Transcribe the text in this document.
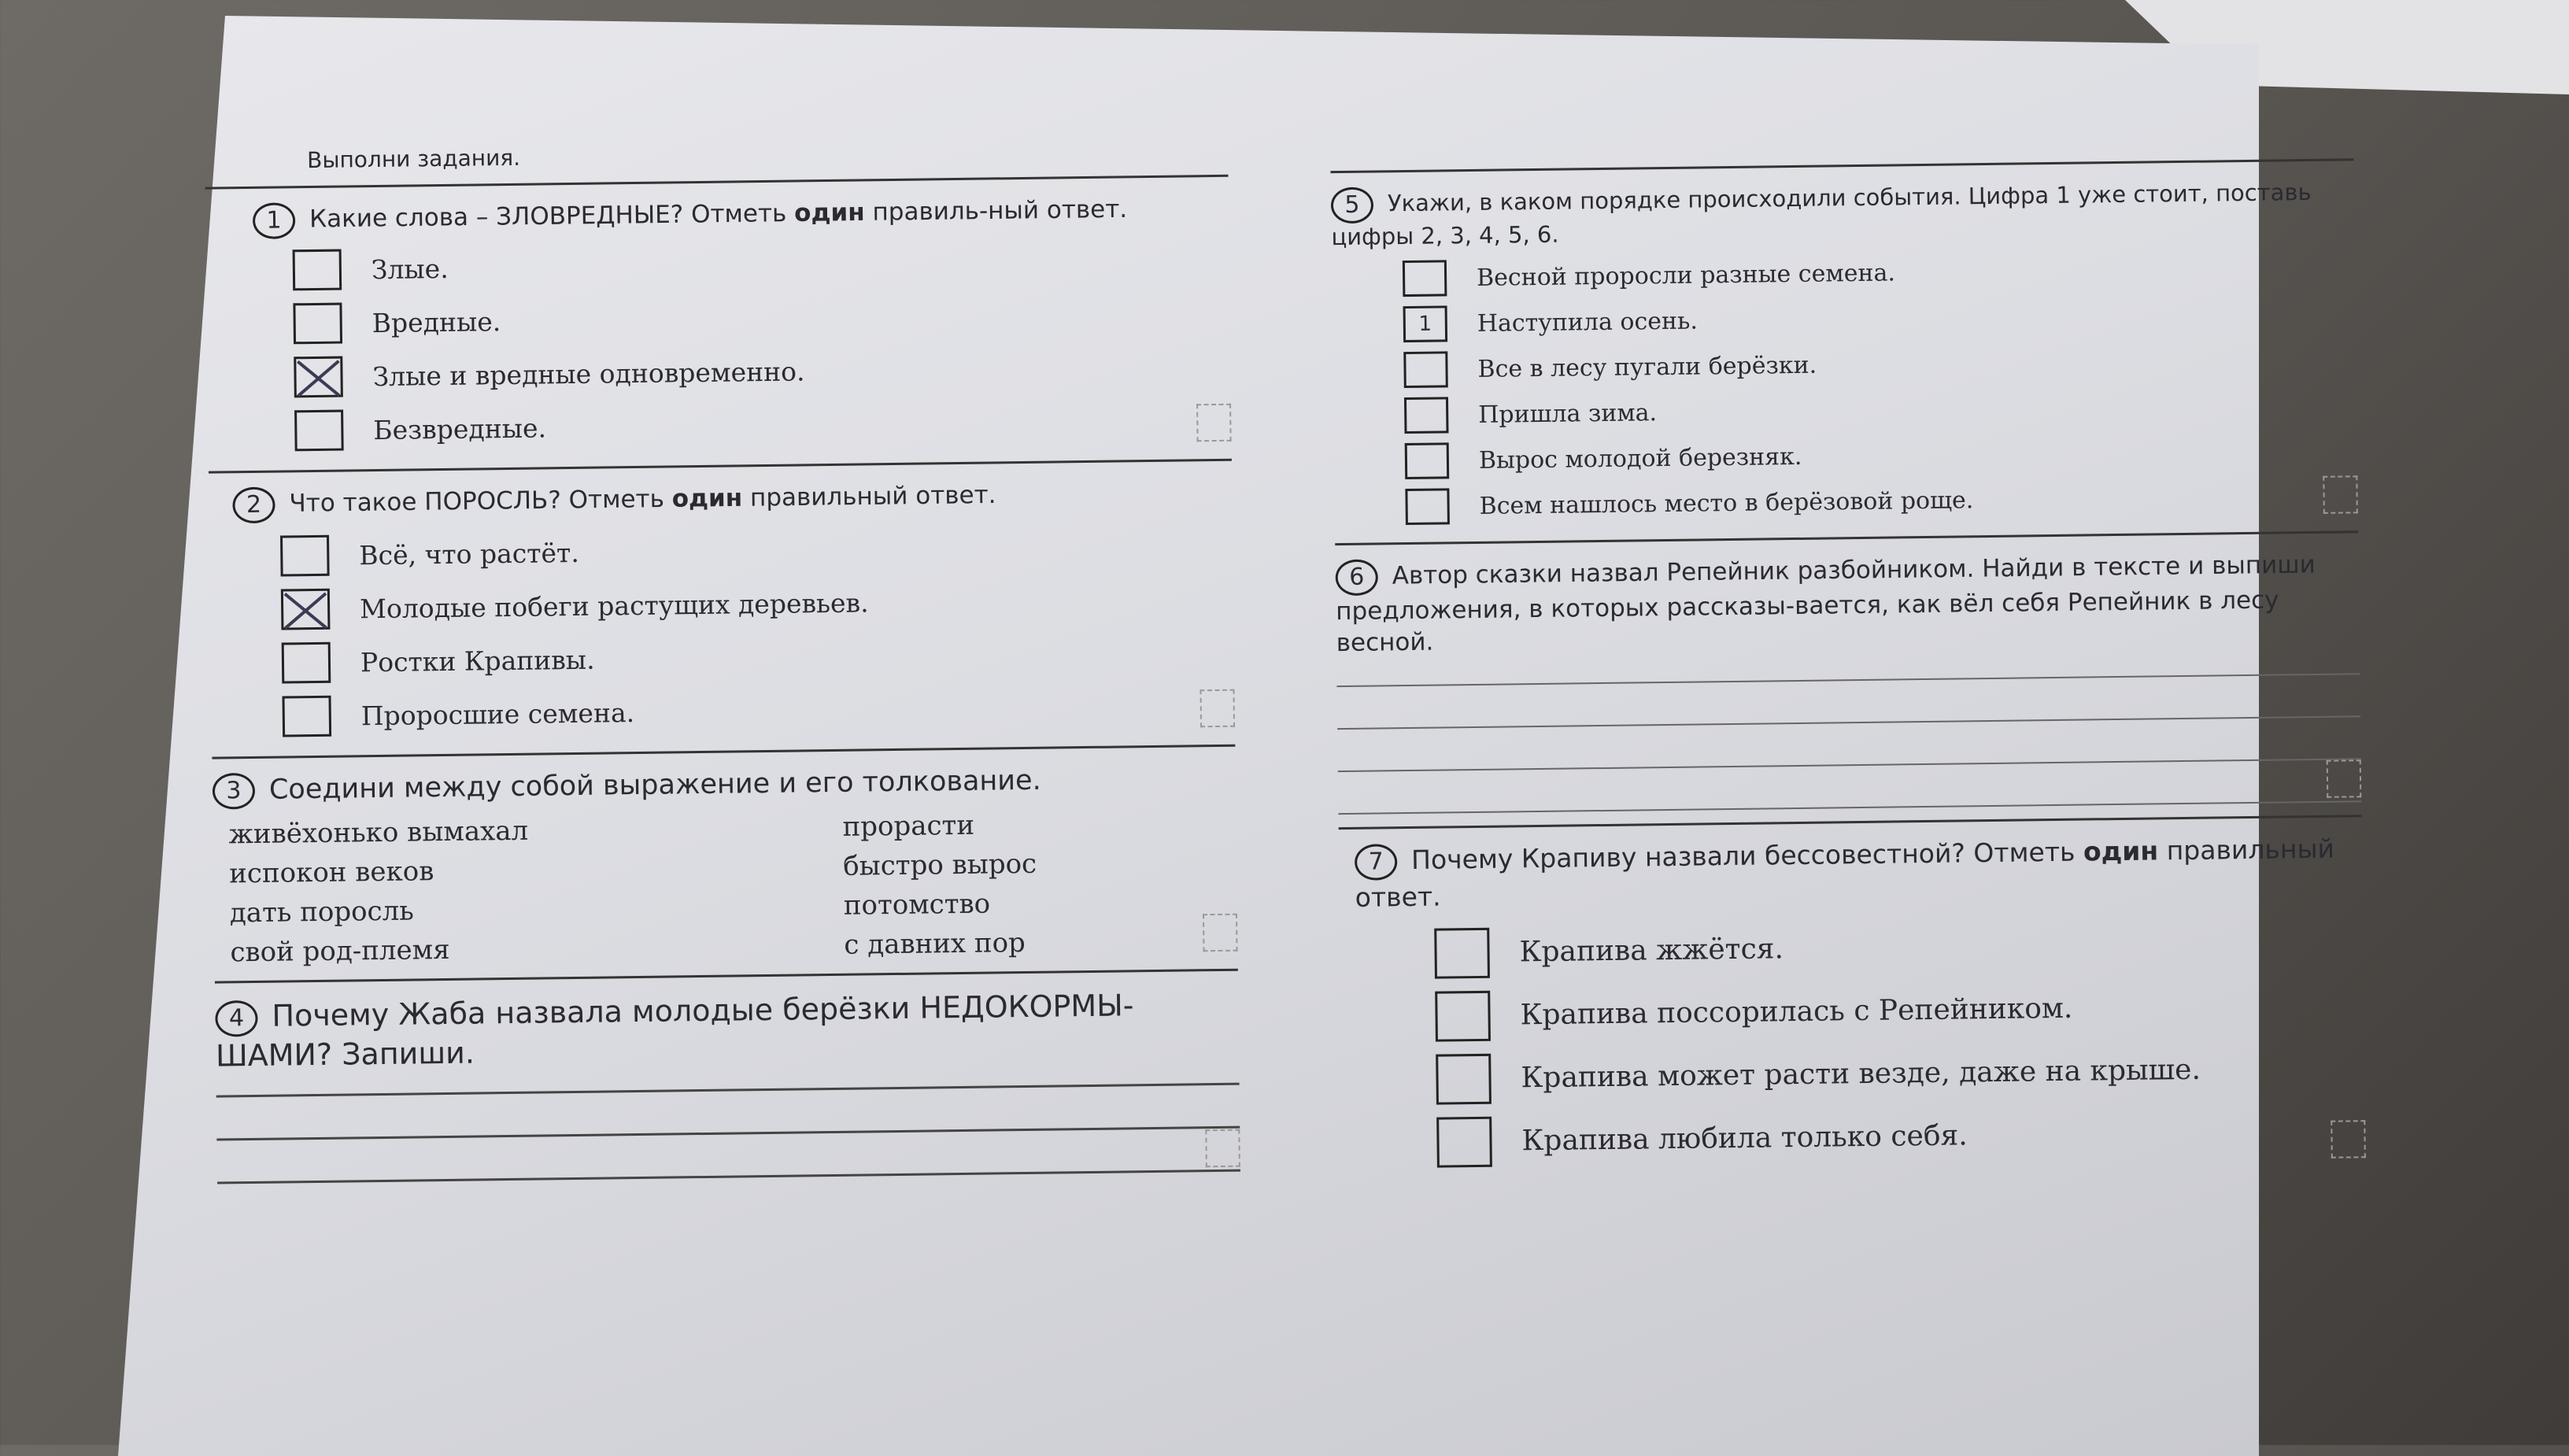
Выполни задания.
1 Какие слова – ЗЛОВРЕДНЫЕ? Отметь один правиль-ный ответ.
Злые.
Вредные.
Злые и вредные одновременно.
Безвредные.
2 Что такое ПОРОСЛЬ? Отметь один правильный ответ.
Всё, что растёт.
Молодые побеги растущих деревьев.
Ростки Крапивы.
Проросшие семена.
3 Соедини между собой выражение и его толкование.
живёхонько вымахал	прорасти
испокон веков	быстро вырос
дать поросль	потомство
свой род-племя	с давних пор
4 Почему Жаба назвала молодые берёзки НЕДОКОРМЫ-ШАМИ? Запиши.
5 Укажи, в каком порядке происходили события. Цифра 1 уже стоит, поставь цифры 2, 3, 4, 5, 6.
Весной проросли разные семена.
1	Наступила осень.
Все в лесу пугали берёзки.
Пришла зима.
Вырос молодой березняк.
Всем нашлось место в берёзовой роще.
6 Автор сказки назвал Репейник разбойником. Найди в тексте и выпиши предложения, в которых рассказы-вается, как вёл себя Репейник в лесу весной.
7 Почему Крапиву назвали бессовестной? Отметь один правильный ответ.
Крапива жжётся.
Крапива поссорилась с Репейником.
Крапива может расти везде, даже на крыше.
Крапива любила только себя.
